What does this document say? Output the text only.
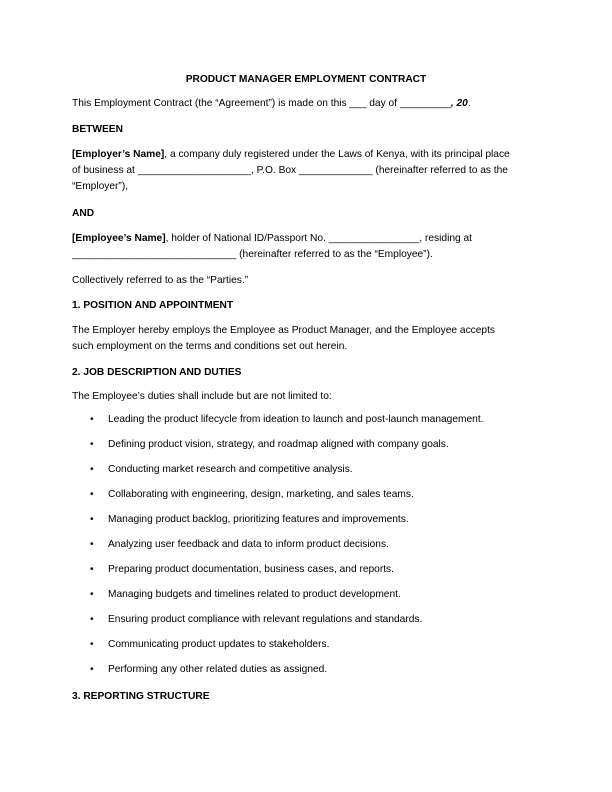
PRODUCT MANAGER EMPLOYMENT CONTRACT
This Employment Contract (the “Agreement”) is made on this ___ day of _________, 20.
BETWEEN
[Employer’s Name], a company duly registered under the Laws of Kenya, with its principal place
of business at ____________________, P.O. Box _____________ (hereinafter referred to as the
“Employer”),
AND
[Employee’s Name], holder of National ID/Passport No. ________________, residing at
_____________________________ (hereinafter referred to as the “Employee”).
Collectively referred to as the “Parties.”
1. POSITION AND APPOINTMENT
The Employer hereby employs the Employee as Product Manager, and the Employee accepts
such employment on the terms and conditions set out herein.
2. JOB DESCRIPTION AND DUTIES
The Employee’s duties shall include but are not limited to:
• Leading the product lifecycle from ideation to launch and post-launch management.
• Defining product vision, strategy, and roadmap aligned with company goals.
• Conducting market research and competitive analysis.
• Collaborating with engineering, design, marketing, and sales teams.
• Managing product backlog, prioritizing features and improvements.
• Analyzing user feedback and data to inform product decisions.
• Preparing product documentation, business cases, and reports.
• Managing budgets and timelines related to product development.
• Ensuring product compliance with relevant regulations and standards.
• Communicating product updates to stakeholders.
• Performing any other related duties as assigned.
3. REPORTING STRUCTURE
